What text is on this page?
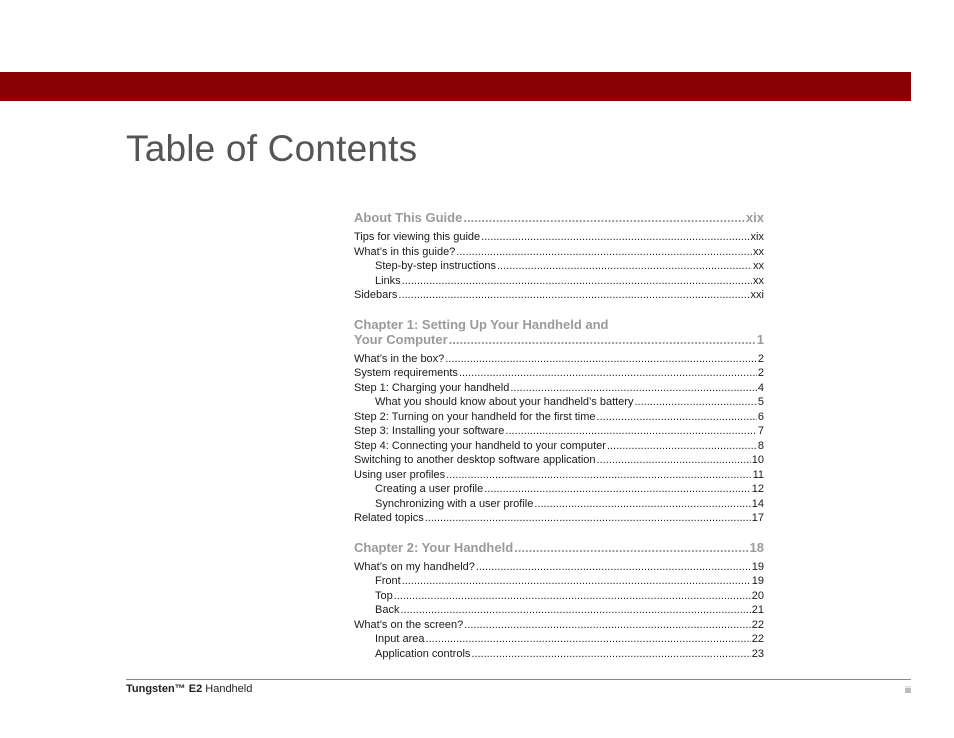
Table of Contents
About This Guide .....	xix
Tips for viewing this guide .....	xix
What’s in this guide? .....	xx
Step-by-step instructions .....	xx
Links .....	xx
Sidebars .....	xxi
Chapter 1: Setting Up Your Handheld and
Your Computer .....	1
What’s in the box? .....	2
System requirements .....	2
Step 1: Charging your handheld .....	4
What you should know about your handheld’s battery .....	5
Step 2: Turning on your handheld for the first time .....	6
Step 3: Installing your software .....	7
Step 4: Connecting your handheld to your computer .....	8
Switching to another desktop software application .....	10
Using user profiles .....	11
Creating a user profile .....	12
Synchronizing with a user profile .....	14
Related topics .....	17
Chapter 2: Your Handheld .....	18
What’s on my handheld? .....	19
Front .....	19
Top .....	20
Back .....	21
What’s on the screen? .....	22
Input area .....	22
Application controls .....	23
Tungsten™ E2 Handheld	iii
